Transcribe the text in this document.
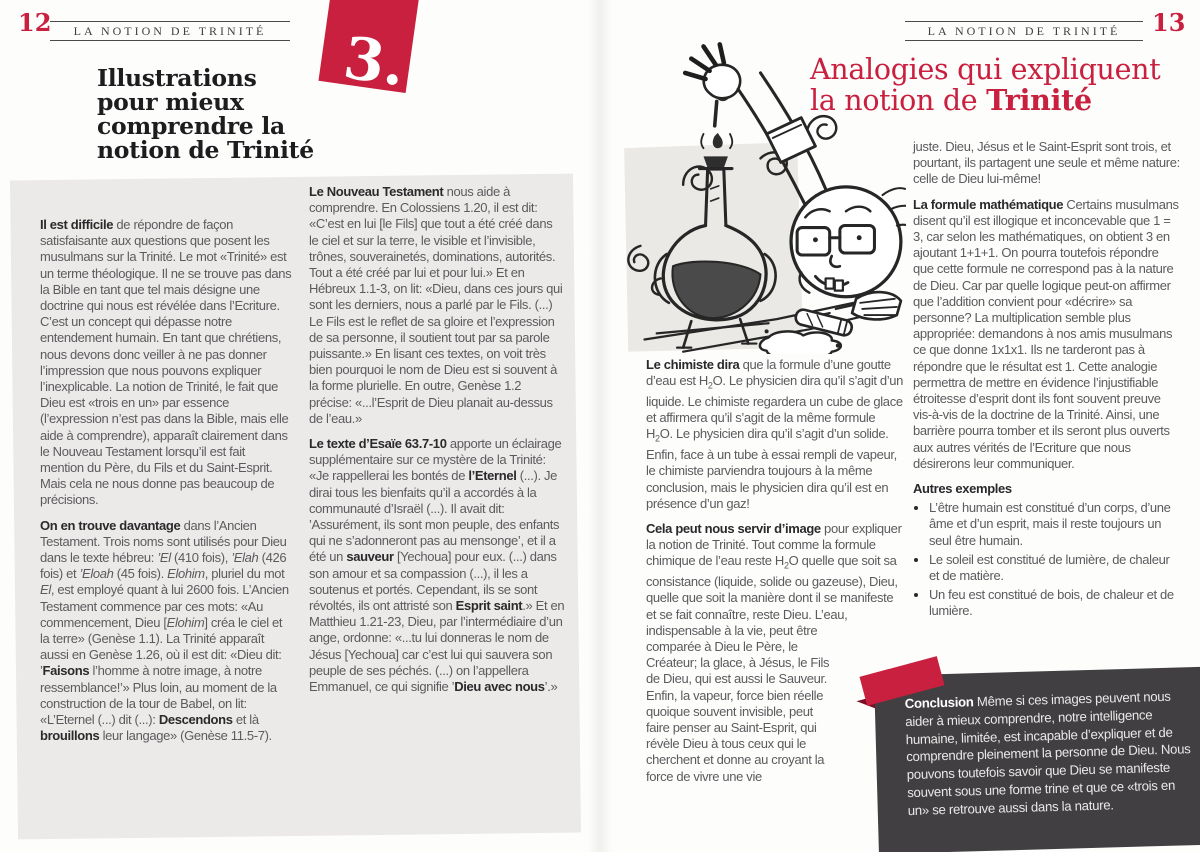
12	LA NOTION DE TRINITÉ	3.
Illustrations
pour mieux
comprendre la
notion de Trinité

Il est difficile de répondre de façon satisfaisante aux questions que posent les musulmans sur la Trinité. Le mot «Trinité» est un terme théologique. Il ne se trouve pas dans la Bible en tant que tel mais désigne une doctrine qui nous est révélée dans l’Ecriture. C’est un concept qui dépasse notre entendement humain. En tant que chrétiens, nous devons donc veiller à ne pas donner l’impression que nous pouvons expliquer l’inexplicable. La notion de Trinité, le fait que Dieu est «trois en un» par essence (l’expression n’est pas dans la Bible, mais elle aide à comprendre), apparaît clairement dans le Nouveau Testament lorsqu’il est fait mention du Père, du Fils et du Saint-Esprit. Mais cela ne nous donne pas beaucoup de précisions.

On en trouve davantage dans l’Ancien Testament. Trois noms sont utilisés pour Dieu dans le texte hébreu: ’El (410 fois), ’Elah (426 fois) et ’Eloah (45 fois). Elohim, pluriel du mot El, est employé quant à lui 2600 fois. L’Ancien Testament commence par ces mots: «Au commencement, Dieu [Elohim] créa le ciel et la terre» (Genèse 1.1). La Trinité apparaît aussi en Genèse 1.26, où il est dit: «Dieu dit: ’Faisons l’homme à notre image, à notre ressemblance!’» Plus loin, au moment de la construction de la tour de Babel, on lit: «L’Eternel (...) dit (...): Descendons et là brouillons leur langage» (Genèse 11.5-7).

Le Nouveau Testament nous aide à comprendre. En Colossiens 1.20, il est dit: «C’est en lui [le Fils] que tout a été créé dans le ciel et sur la terre, le visible et l’invisible, trônes, souverainetés, dominations, autorités. Tout a été créé par lui et pour lui.» Et en Hébreux 1.1-3, on lit: «Dieu, dans ces jours qui sont les derniers, nous a parlé par le Fils. (...) Le Fils est le reflet de sa gloire et l’expression de sa personne, il soutient tout par sa parole puissante.» En lisant ces textes, on voit très bien pourquoi le nom de Dieu est si souvent à la forme plurielle. En outre, Genèse 1.2 précise: «...l’Esprit de Dieu planait au-dessus de l’eau.»

Le texte d’Esaïe 63.7-10 apporte un éclairage supplémentaire sur ce mystère de la Trinité: «Je rappellerai les bontés de l’Eternel (...). Je dirai tous les bienfaits qu’il a accordés à la communauté d’Israël (...). Il avait dit: ’Assurément, ils sont mon peuple, des enfants qui ne s’adonneront pas au mensonge’, et il a été un sauveur [Yechoua] pour eux. (...) dans son amour et sa compassion (...), il les a soutenus et portés. Cependant, ils se sont révoltés, ils ont attristé son Esprit saint.» Et en Matthieu 1.21-23, Dieu, par l’intermédiaire d’un ange, ordonne: «...tu lui donneras le nom de Jésus [Yechoua] car c’est lui qui sauvera son peuple de ses péchés. (...) on l’appellera Emmanuel, ce qui signifie ’Dieu avec nous’.»

LA NOTION DE TRINITÉ	13
Analogies qui expliquent
la notion de Trinité

Le chimiste dira que la formule d’une goutte d’eau est $H_2O$. Le physicien dira qu’il s’agit d’un liquide. Le chimiste regardera un cube de glace et affirmera qu’il s’agit de la même formule $H_2O$. Le physicien dira qu’il s’agit d’un solide. Enfin, face à un tube à essai rempli de vapeur, le chimiste parviendra toujours à la même conclusion, mais le physicien dira qu’il est en présence d’un gaz!

Cela peut nous servir d’image pour expliquer la notion de Trinité. Tout comme la formule chimique de l’eau reste $H_2O$ quelle que soit sa consistance (liquide, solide ou gazeuse), Dieu, quelle que soit la manière dont il se manifeste et se fait connaître, reste Dieu.
L’eau, indispensable à la vie, peut être comparée à Dieu le Père, le Créateur; la glace, à Jésus, le Fils de Dieu, qui est aussi le Sauveur. Enfin, la vapeur, force bien réelle quoique souvent invisible, peut faire penser au Saint-Esprit, qui révèle Dieu à tous ceux qui le cherchent et donne au croyant la force de vivre une vie

juste. Dieu, Jésus et le Saint-Esprit sont trois, et pourtant, ils partagent une seule et même nature: celle de Dieu lui-même!

La formule mathématique Certains musulmans disent qu’il est illogique et inconcevable que 1 = 3, car selon les mathématiques, on obtient 3 en ajoutant 1+1+1. On pourra toutefois répondre que cette formule ne correspond pas à la nature de Dieu. Car par quelle logique peut-on affirmer que l’addition convient pour «décrire» sa personne? La multiplication semble plus appropriée: demandons à nos amis musulmans ce que donne 1x1x1. Ils ne tarderont pas à répondre que le résultat est 1. Cette analogie permettra de mettre en évidence l’injustifiable étroitesse d’esprit dont ils font souvent preuve vis-à-vis de la doctrine de la Trinité. Ainsi, une barrière pourra tomber et ils seront plus ouverts aux autres vérités de l’Ecriture que nous désirerons leur communiquer.

Autres exemples
• L’être humain est constitué d’un corps, d’une âme et d’un esprit, mais il reste toujours un seul être humain.
• Le soleil est constitué de lumière, de chaleur et de matière.
• Un feu est constitué de bois, de chaleur et de lumière.
Conclusion Même si ces images peuvent nous aider à mieux comprendre, notre intelligence humaine, limitée, est incapable d’expliquer et de comprendre pleinement la personne de Dieu. Nous pouvons toutefois savoir que Dieu se manifeste souvent sous une forme trine et que ce «trois en un» se retrouve aussi dans la nature.
